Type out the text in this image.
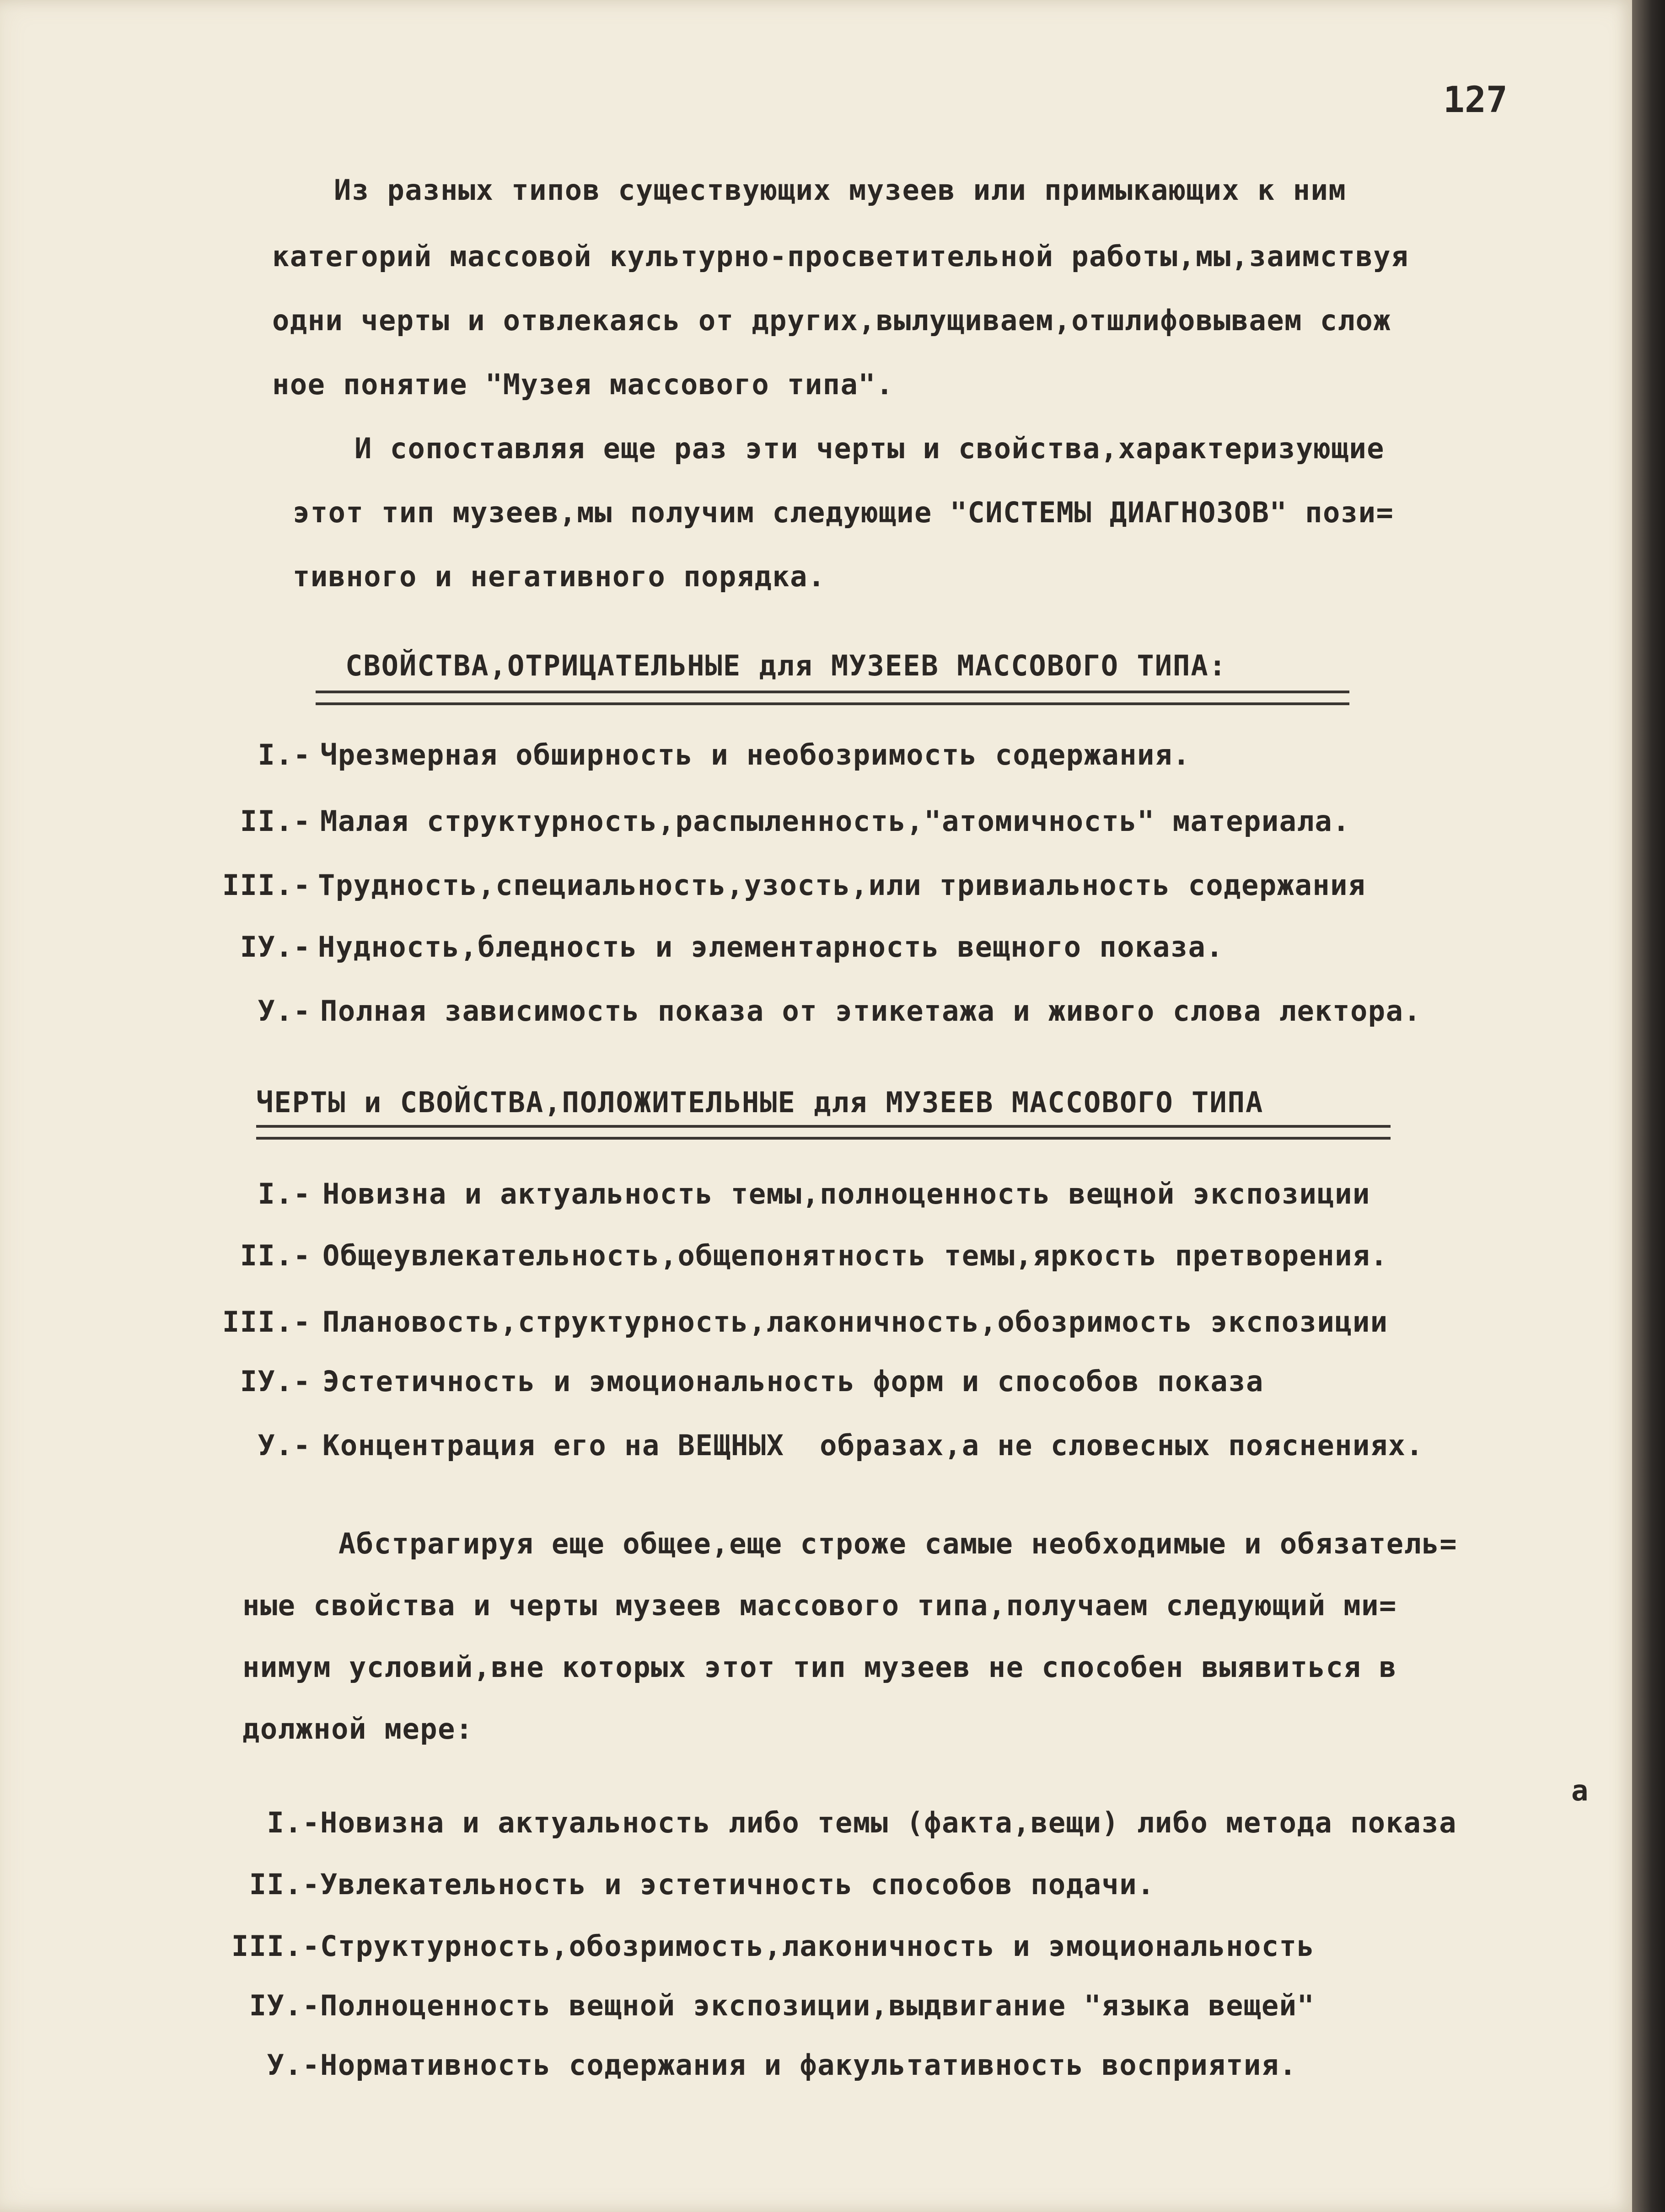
127
Из разных типов существующих музеев или примыкающих к ним
категорий массовой культурно-просветительной работы,мы,заимствуя
одни черты и отвлекаясь от других,вылущиваем,отшлифовываем слож
ное понятие "Музея массового типа".
И сопоставляя еще раз эти черты и свойства,характеризующие
этот тип музеев,мы получим следующие "СИСТЕМЫ ДИАГНОЗОВ" пози=
тивного и негативного порядка.
СВОЙСТВА,ОТРИЦАТЕЛЬНЫЕ для МУЗЕЕВ МАССОВОГО ТИПА:
I.- Чрезмерная обширность и необозримость содержания.
II.- Малая структурность,распыленность,"атомичность" материала.
III.- Трудность,специальность,узость,или тривиальность содержания
IУ.- Нудность,бледность и элементарность вещного показа.
У.- Полная зависимость показа от этикетажа и живого слова лектора.
ЧЕРТЫ и СВОЙСТВА,ПОЛОЖИТЕЛЬНЫЕ для МУЗЕЕВ МАССОВОГО ТИПА
I.- Новизна и актуальность темы,полноценность вещной экспозиции
II.- Общеувлекательность,общепонятность темы,яркость претворения.
III.- Плановость,структурность,лаконичность,обозримость экспозиции
IУ.- Эстетичность и эмоциональность форм и способов показа
У.- Концентрация его на ВЕЩНЫХ  образах,а не словесных пояснениях.
Абстрагируя еще общее,еще строже самые необходимые и обязатель=
ные свойства и черты музеев массового типа,получаем следующий ми=
нимум условий,вне которых этот тип музеев не способен выявиться в
должной мере:
а
I.- Новизна и актуальность либо темы (факта,вещи) либо метода показа
II.- Увлекательность и эстетичность способов подачи.
III.- Структурность,обозримость,лаконичность и эмоциональность
IУ.- Полноценность вещной экспозиции,выдвигание "языка вещей"
У.- Нормативность содержания и факультативность восприятия.
